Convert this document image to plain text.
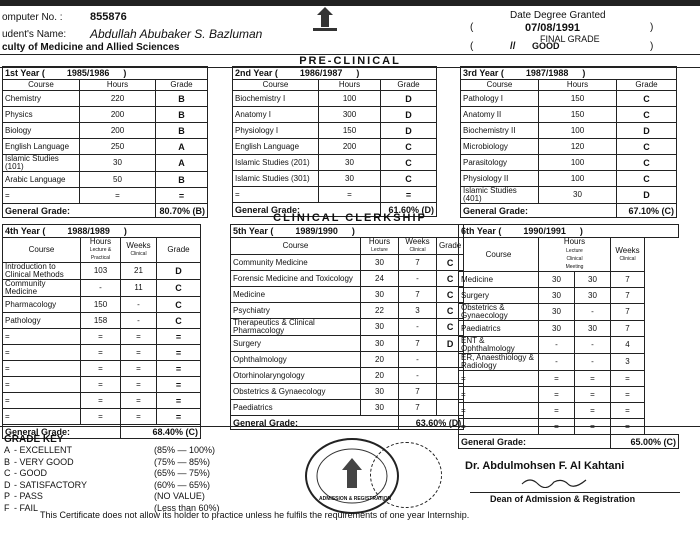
omputer No. : 855876
udent's Name: Abdullah Abubaker S. Bazluman
culty of Medicine and Allied Sciences
Date Degree Granted
(	07/08/1991	)
FINAL GRADE
(	// GOOD	)
PRE-CLINICAL
1st Year ( 1985/1986 )		
Course	Hours	Grade
Chemistry	220	B
Physics	200	B
Biology	200	B
English Language	250	A
Islamic Studies (101)	30	A
Arabic Language	50	B
=	=	=
General Grade:		80.70% (B)
2nd Year ( 1986/1987 )		
Course	Hours	Grade
Biochemistry I	100	D
Anatomy I	300	D
Physiology I	150	D
English Language	200	C
Islamic Studies (201)	30	C
Islamic Studies (301)	30	C
=	=	=
General Grade:		61.60% (D)
3rd Year ( 1987/1988 )		
Course	Hours	Grade
Pathology I	150	C
Anatomy II	150	C
Biochemistry II	100	D
Microbiology	120	C
Parasitology	100	C
Physiology II	100	C
Islamic Studies (401)	30	D
General Grade:		67.10% (C)
CLINICAL CLERKSHIP
4th Year ( 1988/1989 )			
Course	Hours
Lecture & Practical	Weeks
Clinical	Grade
Introduction to Clinical Methods	103	21	D
Community Medicine	-	11	C
Pharmacology	150	-	C
Pathology	158	-	C
=	=	=	=
=	=	=	=
=	=	=	=
=	=	=	=
=	=	=	=
=	=	=	=
General Grade:		68.40% (C)	
5th Year ( 1989/1990 )			
Course	Hours
Lecture	Weeks
Clinical	Grade
Community Medicine	30	7	C
Forensic Medicine and Toxicology	24	-	C
Medicine	30	7	C
Psychiatry	22	3	C
Therapeutics & Clinical Pharmacology	30	-	C
Surgery	30	7	D
Ophthalmology	20	-	
Otorhinolaryngology	20	-	
Obstetrics & Gynaecology	30	7	
Paediatrics	30	7	
General Grade:		63.60% (D)	
6th Year ( 1990/1991 )			
Course	Hours
LectureClinical Meeting		Weeks
Clinical

Medicine	30	30	7
Surgery	30	30	7
Obstetrics & Gynaecology	30	-	7
Paediatrics	30	30	7
ENT & Ophthalmology	-	-	4
ER, Anaesthiology & Radiology	-	-	3
=	=	=	=
=	=	=	=
=	=	=	=
=	=	=	=
General Grade:			65.00% (C)
GRADE KEY
A - EXCELLENT	(85% — 100%)
B - VERY GOOD	(75% — 85%)
C - GOOD	(65% — 75%)
D - SATISFACTORY	(60% — 65%)
P - PASS	(NO VALUE)
F - FAIL	(Less than 60%)
ADMISSION & REGISTRATION
Dr. Abdulmohsen F. Al Kahtani
Dean of Admission & Registration
This Certificate does not allow its holder to practice unless he fulfils the requirements of one year Internship.
